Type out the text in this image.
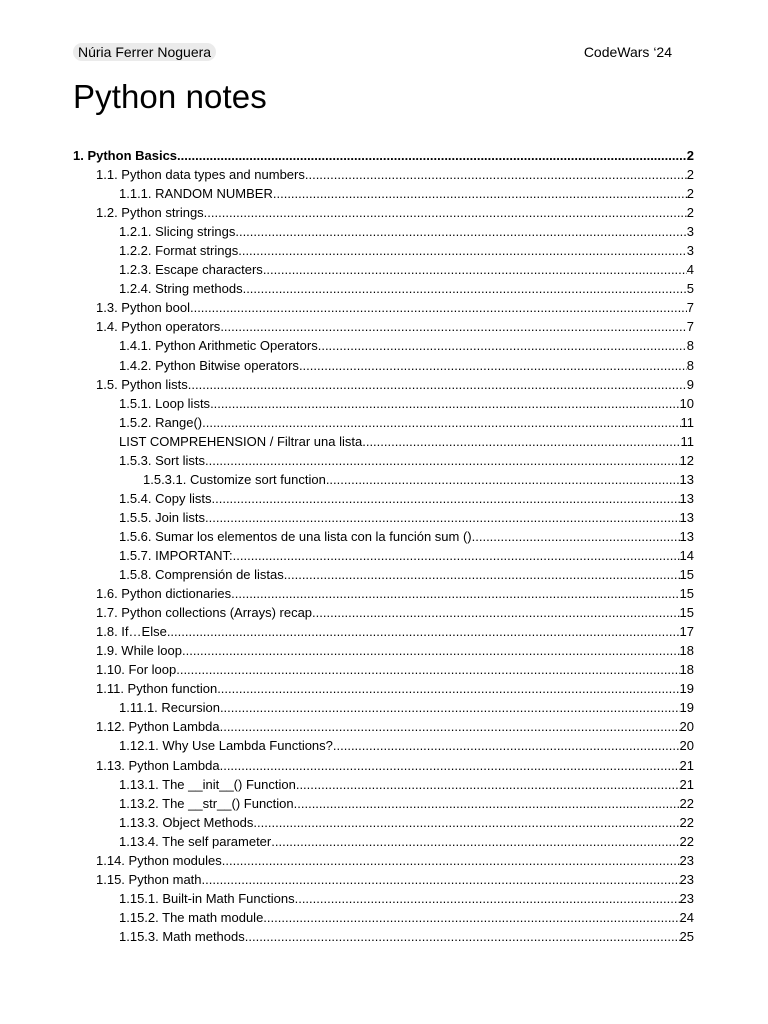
Núria Ferrer Noguera	CodeWars ‘24
Python notes
1. Python Basics .....	2
1.1. Python data types and numbers .....	2
1.1.1. RANDOM NUMBER .....	2
1.2. Python strings .....	2
1.2.1. Slicing strings .....	3
1.2.2. Format strings .....	3
1.2.3. Escape characters .....	4
1.2.4. String methods .....	5
1.3. Python bool .....	7
1.4. Python operators .....	7
1.4.1. Python Arithmetic Operators .....	8
1.4.2. Python Bitwise operators .....	8
1.5. Python lists .....	9
1.5.1. Loop lists .....	10
1.5.2. Range() .....	11
LIST COMPREHENSION / Filtrar una lista .....	11
1.5.3. Sort lists .....	12
1.5.3.1. Customize sort function .....	13
1.5.4. Copy lists .....	13
1.5.5. Join lists .....	13
1.5.6. Sumar los elementos de una lista con la función sum () .....	13
1.5.7. IMPORTANT: .....	14
1.5.8. Comprensión de listas .....	15
1.6. Python dictionaries .....	15
1.7. Python collections (Arrays) recap .....	15
1.8. If…Else .....	17
1.9. While loop .....	18
1.10. For loop .....	18
1.11. Python function .....	19
1.11.1. Recursion .....	19
1.12. Python Lambda .....	20
1.12.1. Why Use Lambda Functions? .....	20
1.13. Python Lambda .....	21
1.13.1. The __init__() Function .....	21
1.13.2. The __str__() Function .....	22
1.13.3. Object Methods .....	22
1.13.4. The self parameter .....	22
1.14. Python modules .....	23
1.15. Python math .....	23
1.15.1. Built-in Math Functions .....	23
1.15.2. The math module .....	24
1.15.3. Math methods .....	25
